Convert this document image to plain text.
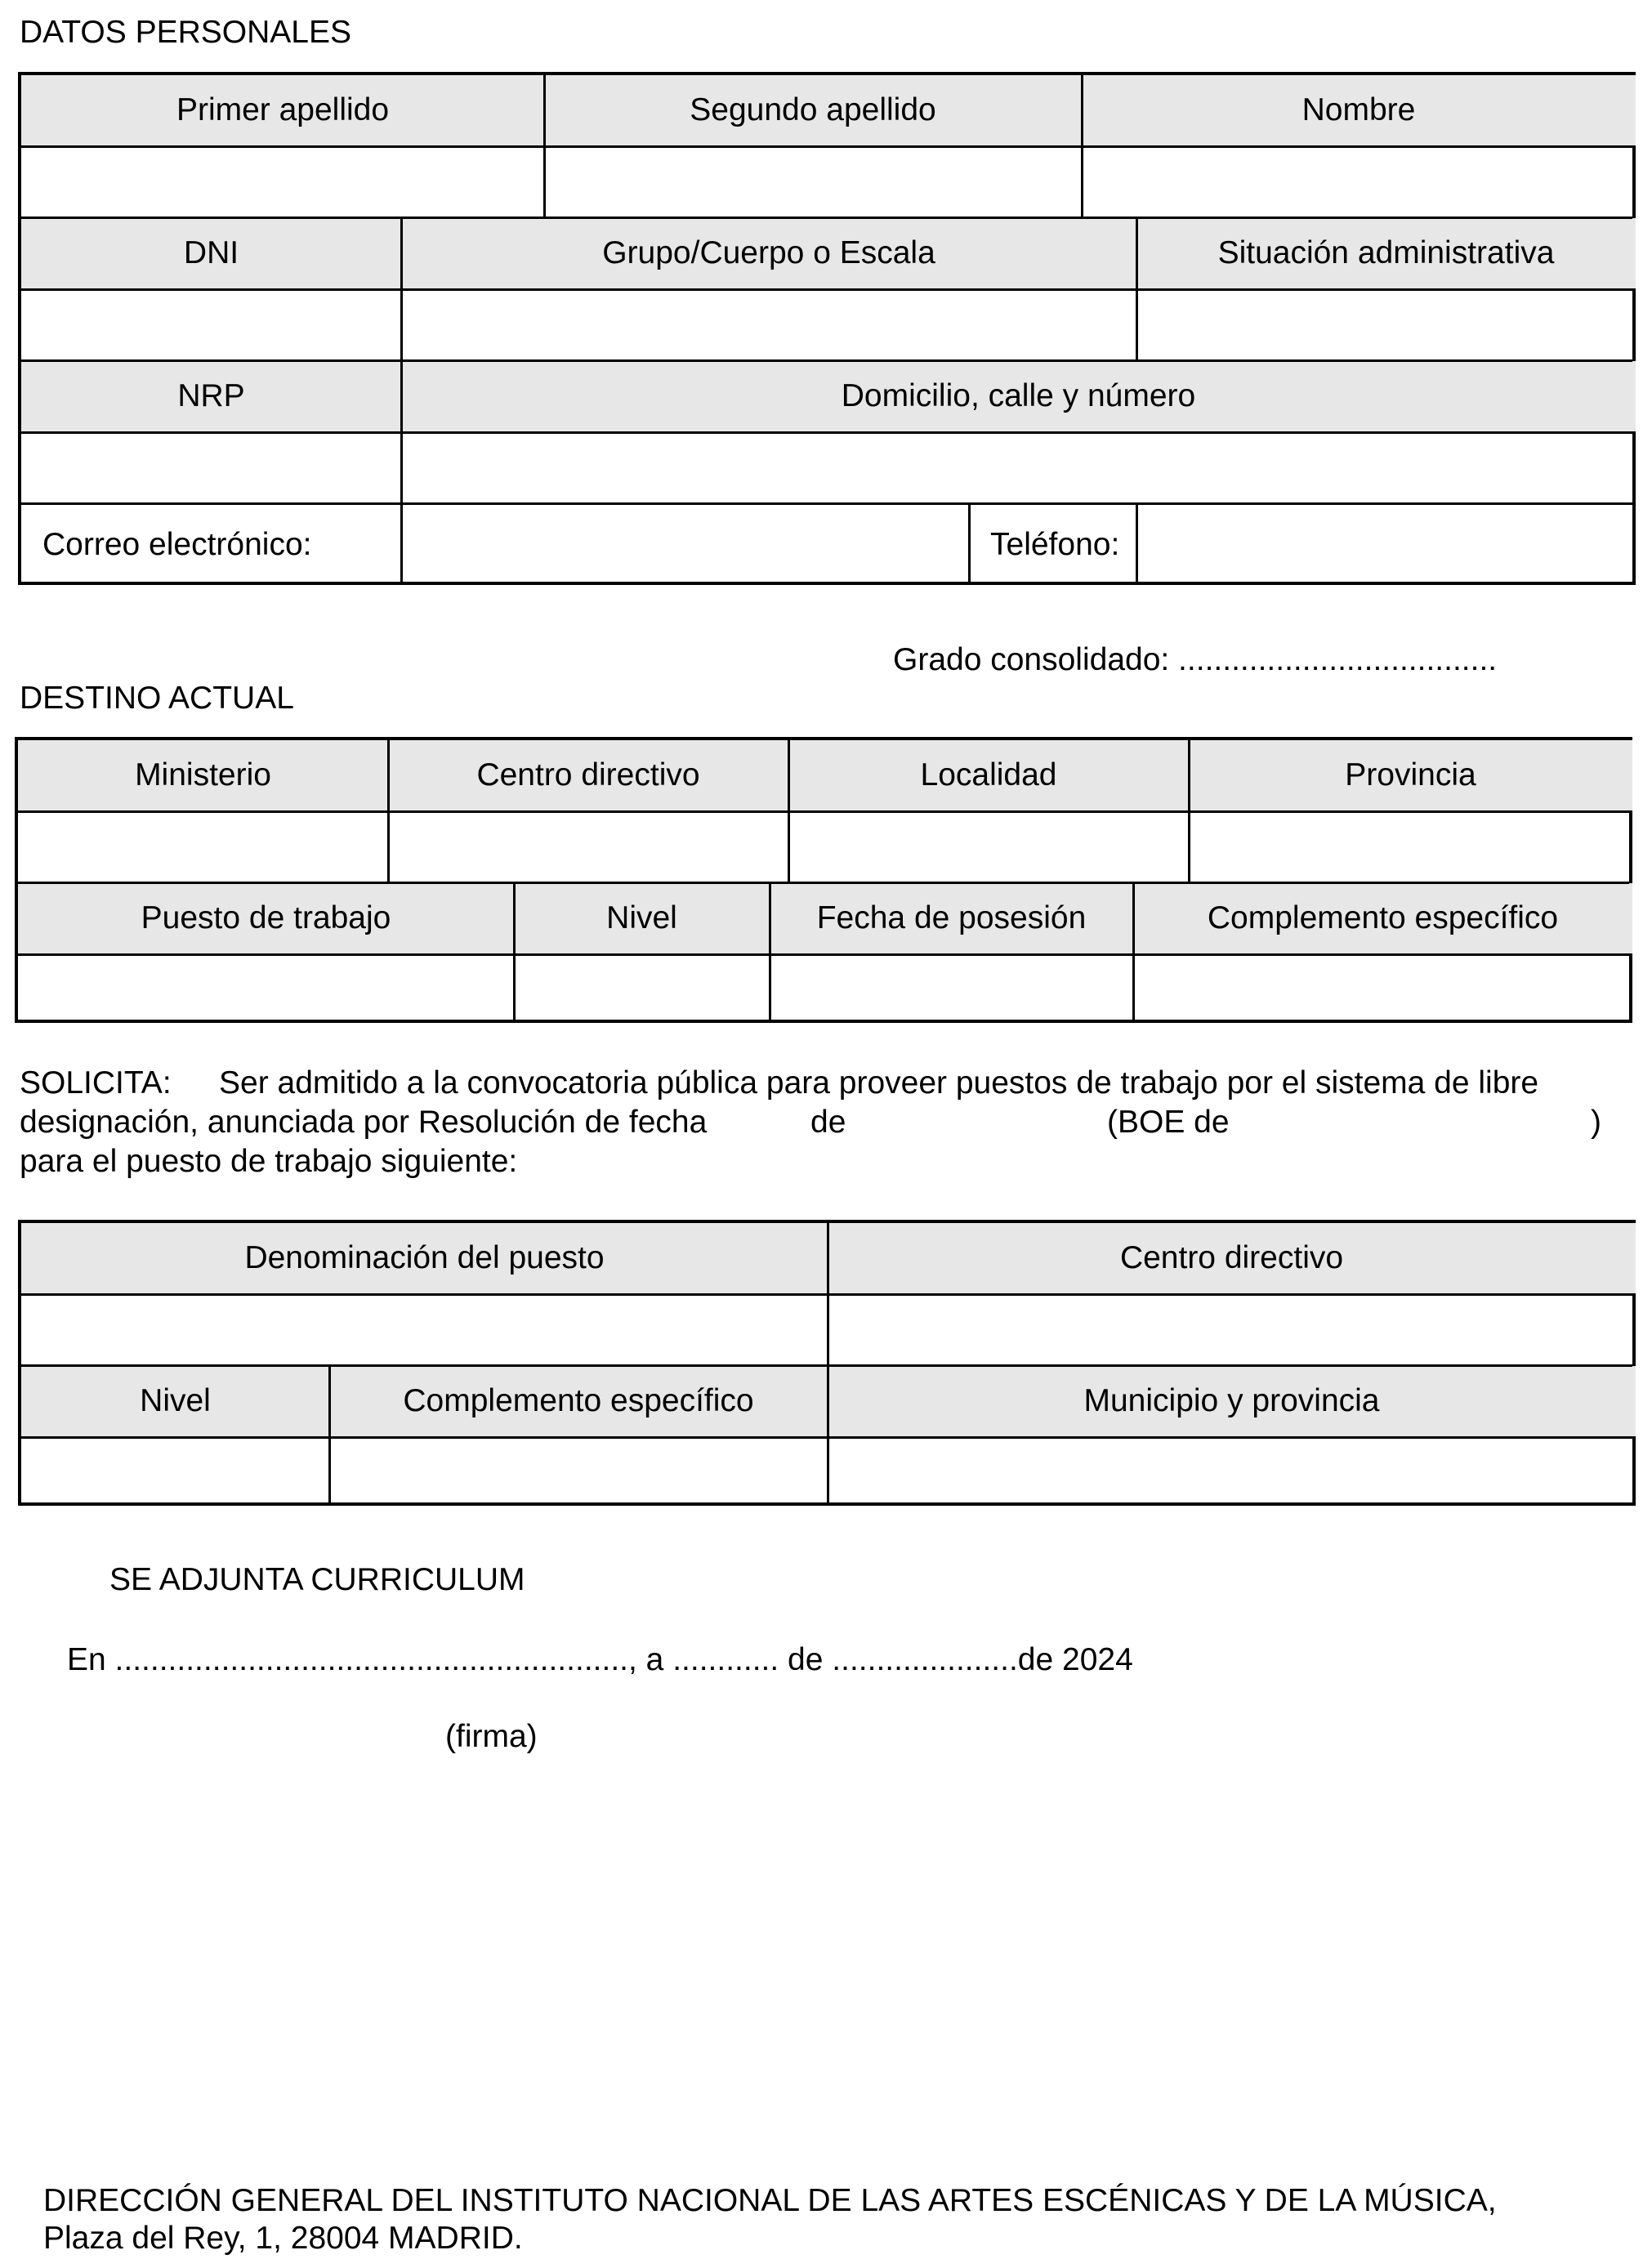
DATOS PERSONALES
Primer apellido	Segundo apellido	Nombre
DNI	Grupo/Cuerpo o Escala	Situación administrativa
NRP	Domicilio, calle y número
Correo electrónico:	Teléfono:
Grado consolidado: ....................................
DESTINO ACTUAL
Ministerio	Centro directivo	Localidad	Provincia
Puesto de trabajo	Nivel	Fecha de posesión	Complemento específico
SOLICITA: Ser admitido a la convocatoria pública para proveer puestos de trabajo por el sistema de libre
designación, anunciada por Resolución de fecha	de	(BOE de	)
para el puesto de trabajo siguiente:
Denominación del puesto	Centro directivo
Nivel	Complemento específico	Municipio y provincia
SE ADJUNTA CURRICULUM
En .........................................................., a ............ de .....................de 2024
(firma)
DIRECCIÓN GENERAL DEL INSTITUTO NACIONAL DE LAS ARTES ESCÉNICAS Y DE LA MÚSICA,
Plaza del Rey, 1, 28004 MADRID.
